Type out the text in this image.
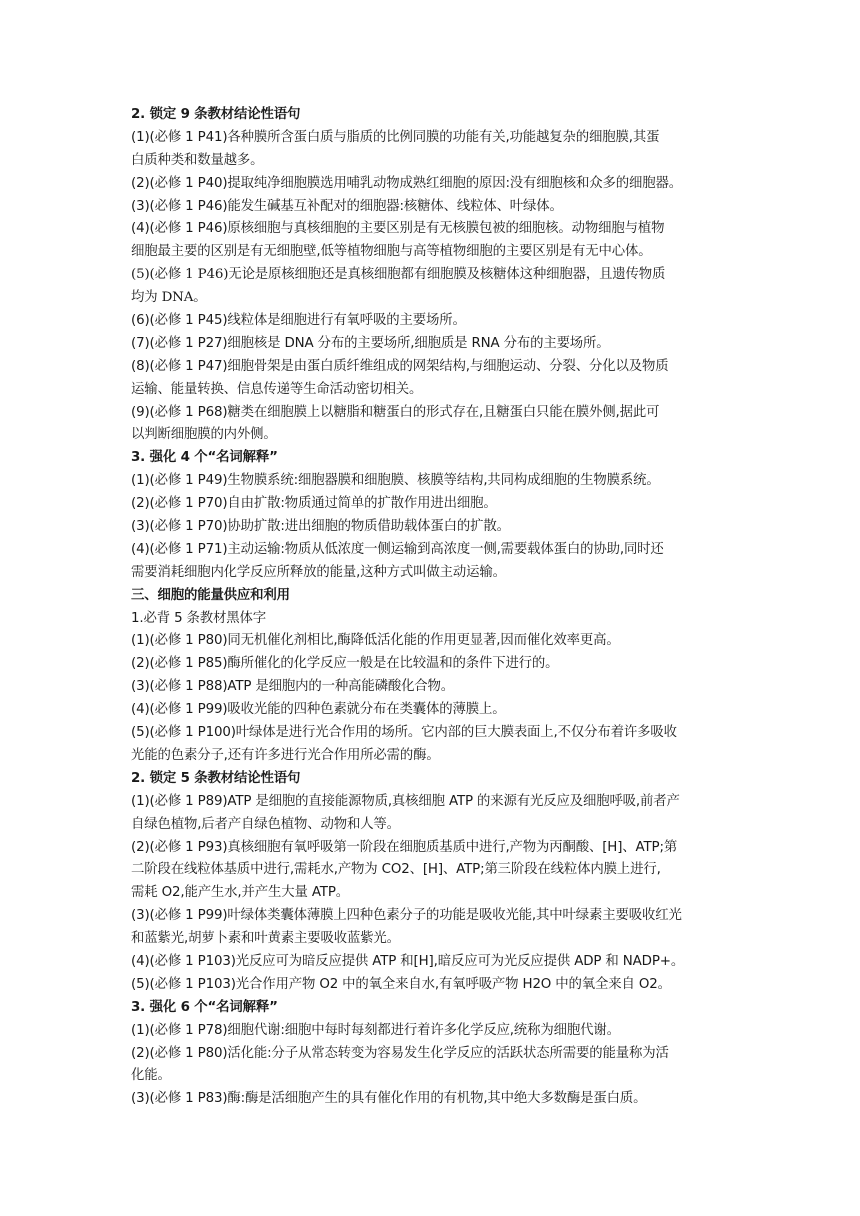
2. 锁定 9 条教材结论性语句
(1)(必修 1 P41)各种膜所含蛋白质与脂质的比例同膜的功能有关,功能越复杂的细胞膜,其蛋
白质种类和数量越多。
(2)(必修 1 P40)提取纯净细胞膜选用哺乳动物成熟红细胞的原因:没有细胞核和众多的细胞器。
(3)(必修 1 P46)能发生碱基互补配对的细胞器:核糖体、线粒体、叶绿体。
(4)(必修 1 P46)原核细胞与真核细胞的主要区别是有无核膜包被的细胞核。动物细胞与植物
细胞最主要的区别是有无细胞壁,低等植物细胞与高等植物细胞的主要区别是有无中心体。
(5)(必修 1 P46)无论是原核细胞还是真核细胞都有细胞膜及核糖体这种细胞器，且遗传物质
均为 DNA。
(6)(必修 1 P45)线粒体是细胞进行有氧呼吸的主要场所。
(7)(必修 1 P27)细胞核是 DNA 分布的主要场所,细胞质是 RNA 分布的主要场所。
(8)(必修 1 P47)细胞骨架是由蛋白质纤维组成的网架结构,与细胞运动、分裂、分化以及物质
运输、能量转换、信息传递等生命活动密切相关。
(9)(必修 1 P68)糖类在细胞膜上以糖脂和糖蛋白的形式存在,且糖蛋白只能在膜外侧,据此可
以判断细胞膜的内外侧。
3. 强化 4 个“名词解释”
(1)(必修 1 P49)生物膜系统:细胞器膜和细胞膜、核膜等结构,共同构成细胞的生物膜系统。
(2)(必修 1 P70)自由扩散:物质通过简单的扩散作用进出细胞。
(3)(必修 1 P70)协助扩散:进出细胞的物质借助载体蛋白的扩散。
(4)(必修 1 P71)主动运输:物质从低浓度一侧运输到高浓度一侧,需要载体蛋白的协助,同时还
需要消耗细胞内化学反应所释放的能量,这种方式叫做主动运输。
三、细胞的能量供应和利用
1.必背 5 条教材黑体字
(1)(必修 1 P80)同无机催化剂相比,酶降低活化能的作用更显著,因而催化效率更高。
(2)(必修 1 P85)酶所催化的化学反应一般是在比较温和的条件下进行的。
(3)(必修 1 P88)ATP 是细胞内的一种高能磷酸化合物。
(4)(必修 1 P99)吸收光能的四种色素就分布在类囊体的薄膜上。
(5)(必修 1 P100)叶绿体是进行光合作用的场所。它内部的巨大膜表面上,不仅分布着许多吸收
光能的色素分子,还有许多进行光合作用所必需的酶。
2. 锁定 5 条教材结论性语句
(1)(必修 1 P89)ATP 是细胞的直接能源物质,真核细胞 ATP 的来源有光反应及细胞呼吸,前者产
自绿色植物,后者产自绿色植物、动物和人等。
(2)(必修 1 P93)真核细胞有氧呼吸第一阶段在细胞质基质中进行,产物为丙酮酸、[H]、ATP;第
二阶段在线粒体基质中进行,需耗水,产物为 CO2、[H]、ATP;第三阶段在线粒体内膜上进行,
需耗 O2,能产生水,并产生大量 ATP。
(3)(必修 1 P99)叶绿体类囊体薄膜上四种色素分子的功能是吸收光能,其中叶绿素主要吸收红光
和蓝紫光,胡萝卜素和叶黄素主要吸收蓝紫光。
(4)(必修 1 P103)光反应可为暗反应提供 ATP 和[H],暗反应可为光反应提供 ADP 和 NADP+。
(5)(必修 1 P103)光合作用产物 O2 中的氧全来自水,有氧呼吸产物 H2O 中的氧全来自 O2。
3. 强化 6 个“名词解释”
(1)(必修 1 P78)细胞代谢:细胞中每时每刻都进行着许多化学反应,统称为细胞代谢。
(2)(必修 1 P80)活化能:分子从常态转变为容易发生化学反应的活跃状态所需要的能量称为活
化能。
(3)(必修 1 P83)酶:酶是活细胞产生的具有催化作用的有机物,其中绝大多数酶是蛋白质。
